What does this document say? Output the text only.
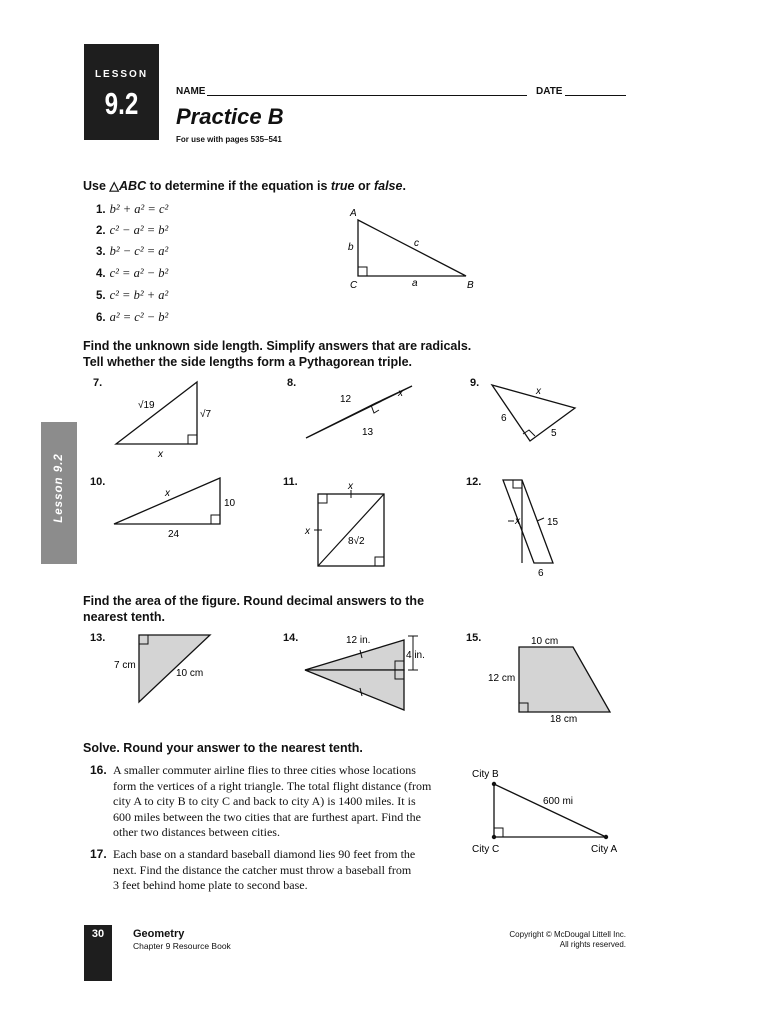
LESSON
9.2	NAME	DATE
Practice B
For use with pages 535–541
Lesson 9.2
Use △ABC to determine if the equation is true or false.
1. b² + a² = c²
2. c² − a² = b²
3. b² − c² = a²
4. c² = a² − b²
5. c² = b² + a²
6. a² = c² − b²
A
C	B
b
a
c
Find the unknown side length. Simplify answers that are radicals.
Tell whether the side lengths form a Pythagorean triple.
7.
√19
√7
x
8.
12
x
13
9.
x
6
5
10.
x
10
24
11.	x
x
8√2
12.
x	15
6
Find the area of the figure. Round decimal answers to the
nearest tenth.
13.
7 cm
10 cm
14.	12 in.
4 in.
15.	10 cm
12 cm
18 cm
Solve. Round your answer to the nearest tenth.
16. A smaller commuter airline flies to three cities whose locations
form the vertices of a right triangle. The total flight distance (from
city A to city B to city C and back to city A) is 1400 miles. It is
600 miles between the two cities that are furthest apart. Find the
other two distances between cities.
17. Each base on a standard baseball diamond lies 90 feet from the
next. Find the distance the catcher must throw a baseball from
3 feet behind home plate to second base.
City B
City C	City A
600 mi
30	Geometry
Chapter 9 Resource Book
Copyright © McDougal Littell Inc.
All rights reserved.
